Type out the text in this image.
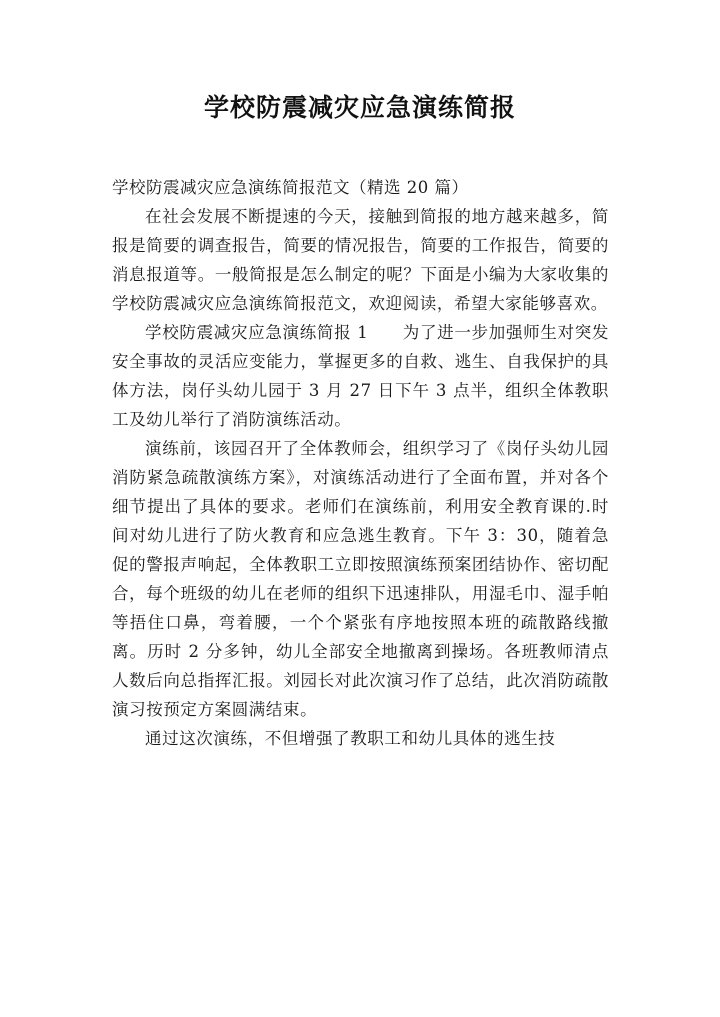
学校防震减灾应急演练简报

学校防震减灾应急演练简报范文（精选 20 篇）

在社会发展不断提速的今天，接触到简报的地方越来越多，简报是简要的调查报告，简要的情况报告，简要的工作报告，简要的消息报道等。一般简报是怎么制定的呢？下面是小编为大家收集的学校防震减灾应急演练简报范文，欢迎阅读，希望大家能够喜欢。

学校防震减灾应急演练简报 1　　为了进一步加强师生对突发安全事故的灵活应变能力，掌握更多的自救、逃生、自我保护的具体方法，岗仔头幼儿园于 3 月 27 日下午 3 点半，组织全体教职工及幼儿举行了消防演练活动。

演练前，该园召开了全体教师会，组织学习了《岗仔头幼儿园消防紧急疏散演练方案》，对演练活动进行了全面布置，并对各个细节提出了具体的要求。老师们在演练前，利用安全教育课的.时间对幼儿进行了防火教育和应急逃生教育。下午 3：30，随着急促的警报声响起，全体教职工立即按照演练预案团结协作、密切配合，每个班级的幼儿在老师的组织下迅速排队，用湿毛巾、湿手帕等捂住口鼻，弯着腰，一个个紧张有序地按照本班的疏散路线撤离。历时 2 分多钟，幼儿全部安全地撤离到操场。各班教师清点人数后向总指挥汇报。刘园长对此次演习作了总结，此次消防疏散演习按预定方案圆满结束。

通过这次演练，不但增强了教职工和幼儿具体的逃生技
